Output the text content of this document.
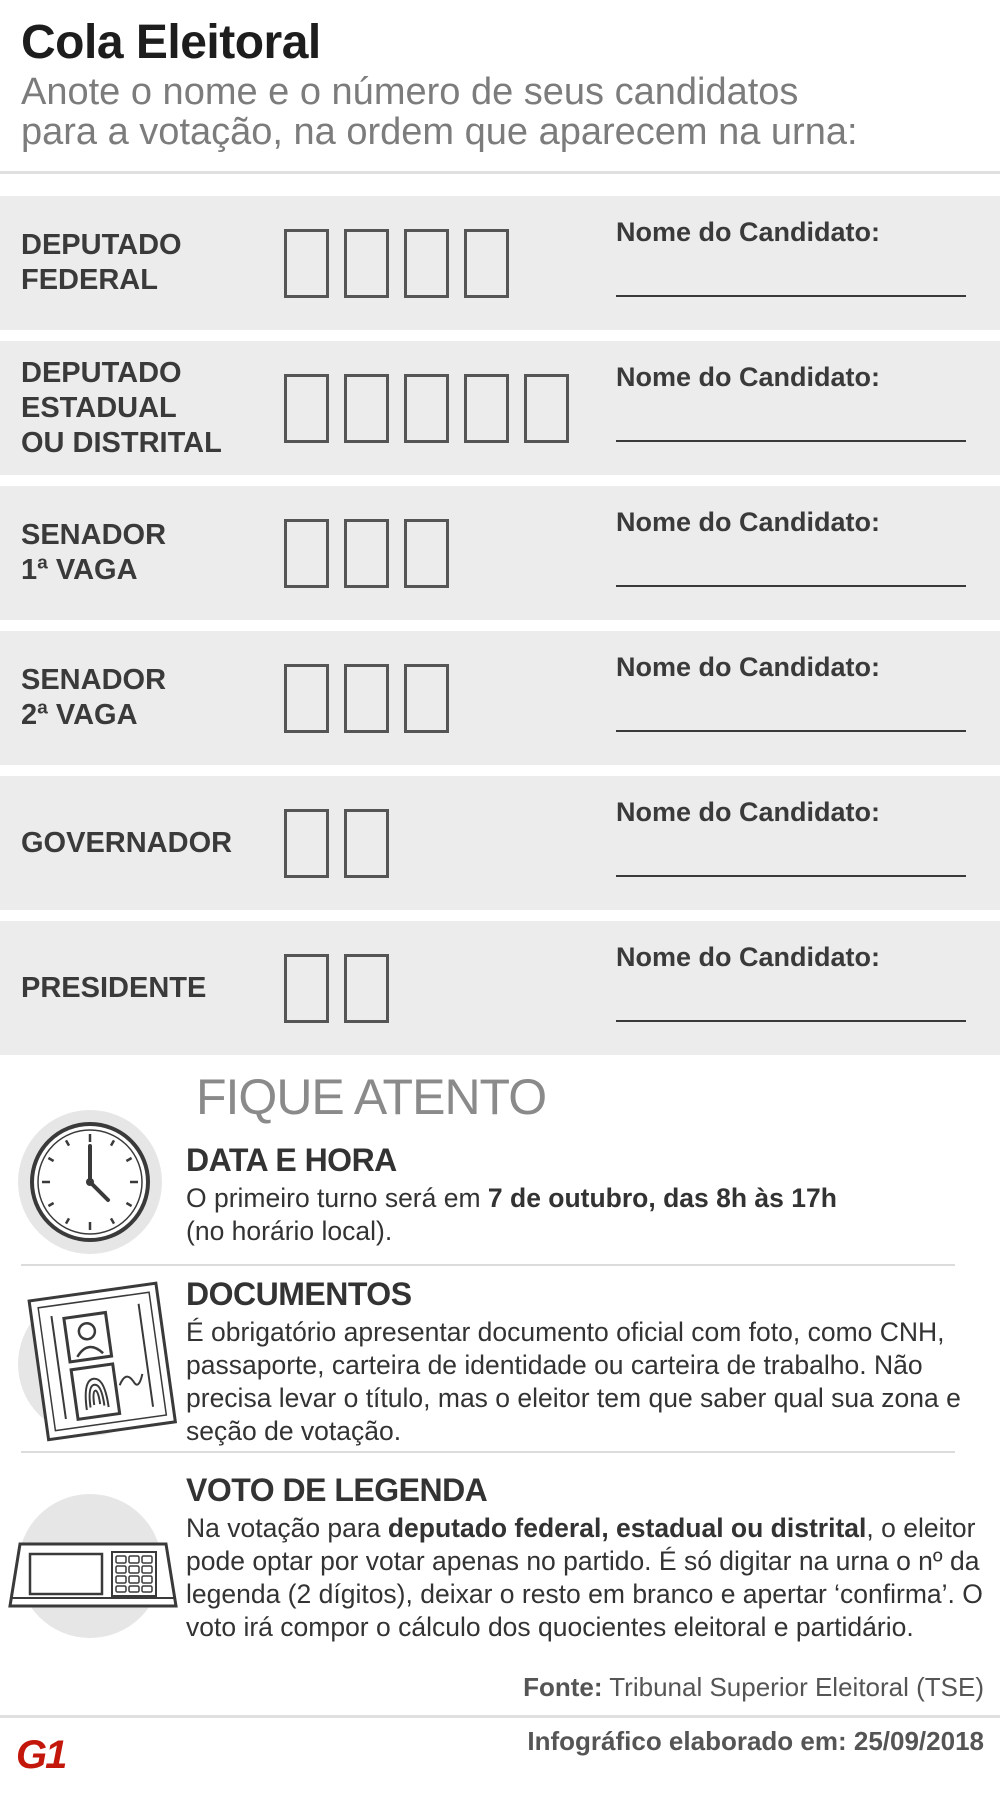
Cola Eleitoral
Anote o nome e o número de seus candidatos
para a votação, na ordem que aparecem na urna:
DEPUTADO
FEDERAL
Nome do Candidato:
DEPUTADO
ESTADUAL
OU DISTRITAL
Nome do Candidato:
SENADOR
1ª VAGA
Nome do Candidato:
SENADOR
2ª VAGA
Nome do Candidato:
GOVERNADOR
Nome do Candidato:
PRESIDENTE
Nome do Candidato:
FIQUE ATENTO
DATA E HORA
O primeiro turno será em 7 de outubro, das 8h às 17h
(no horário local).
DOCUMENTOS
É obrigatório apresentar documento oficial com foto, como CNH, passaporte, carteira de identidade ou carteira de trabalho. Não precisa levar o título, mas o eleitor tem que saber qual sua zona e seção de votação.
VOTO DE LEGENDA
Na votação para deputado federal, estadual ou distrital, o eleitor pode optar por votar apenas no partido. É só digitar na urna o nº da legenda (2 dígitos), deixar o resto em branco e apertar ‘confirma’. O voto irá compor o cálculo dos quocientes eleitoral e partidário.
Fonte: Tribunal Superior Eleitoral (TSE)
G1	Infográfico elaborado em: 25/09/2018
